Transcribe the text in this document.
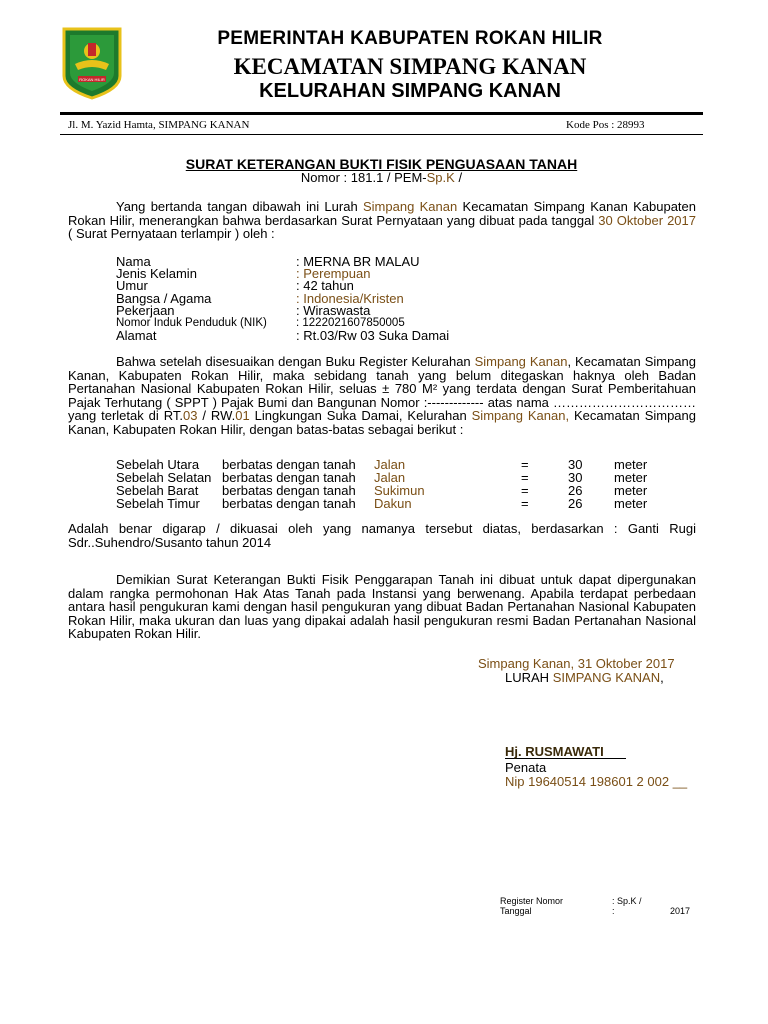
ROKAN HILIR
PEMERINTAH KABUPATEN ROKAN HILIR
KECAMATAN SIMPANG KANAN
KELURAHAN SIMPANG KANAN
Jl. M. Yazid Hamta, SIMPANG KANAN	Kode Pos : 28993
SURAT KETERANGAN BUKTI FISIK PENGUASAAN TANAH
Nomor : 181.1 / PEM-Sp.K /
Yang bertanda tangan dibawah ini Lurah Simpang Kanan Kecamatan Simpang Kanan Kabupaten Rokan Hilir, menerangkan bahwa berdasarkan Surat Pernyataan yang dibuat pada tanggal 30 Oktober 2017 ( Surat Pernyataan terlampir ) oleh :
Nama	: MERNA BR MALAU
Jenis Kelamin	: Perempuan
Umur	: 42 tahun
Bangsa / Agama	: Indonesia/Kristen
Pekerjaan	: Wiraswasta
Nomor Induk Penduduk (NIK)	: 1222021607850005
Alamat	: Rt.03/Rw 03 Suka Damai
Bahwa setelah disesuaikan dengan Buku Register Kelurahan Simpang Kanan, Kecamatan Simpang Kanan, Kabupaten Rokan Hilir, maka sebidang tanah yang belum ditegaskan haknya oleh Badan Pertanahan Nasional Kabupaten Rokan Hilir, seluas ± 780 M² yang terdata dengan Surat Pemberitahuan Pajak Terhutang ( SPPT ) Pajak Bumi dan Bangunan Nomor :------------- atas nama ……………………………yang terletak di RT.03 / RW.01 Lingkungan Suka Damai, Kelurahan Simpang Kanan, Kecamatan Simpang Kanan, Kabupaten Rokan Hilir, dengan batas-batas sebagai berikut :
Sebelah Utara berbatas dengan tanah Jalan	=	30 meter
Sebelah Selatan berbatas dengan tanah Jalan	=	30 meter
Sebelah Barat berbatas dengan tanah Sukimun	=	26 meter
Sebelah Timur berbatas dengan tanah Dakun	=	26 meter
Adalah benar digarap / dikuasai oleh yang namanya tersebut diatas, berdasarkan : Ganti Rugi Sdr..Suhendro/Susanto tahun 2014
Demikian Surat Keterangan Bukti Fisik Penggarapan Tanah ini dibuat untuk dapat dipergunakan dalam rangka permohonan Hak Atas Tanah pada Instansi yang berwenang. Apabila terdapat perbedaan antara hasil pengukuran kami dengan hasil pengukuran yang dibuat Badan Pertanahan Nasional Kabupaten Rokan Hilir, maka ukuran dan luas yang dipakai adalah hasil pengukuran resmi Badan Pertanahan Nasional Kabupaten Rokan Hilir.
Simpang Kanan, 31 Oktober 2017
LURAH SIMPANG KANAN,
Hj. RUSMAWATI
Penata
Nip 19640514 198601 2 002 __
Register Nomor	: Sp.K /
Tanggal	:	2017
